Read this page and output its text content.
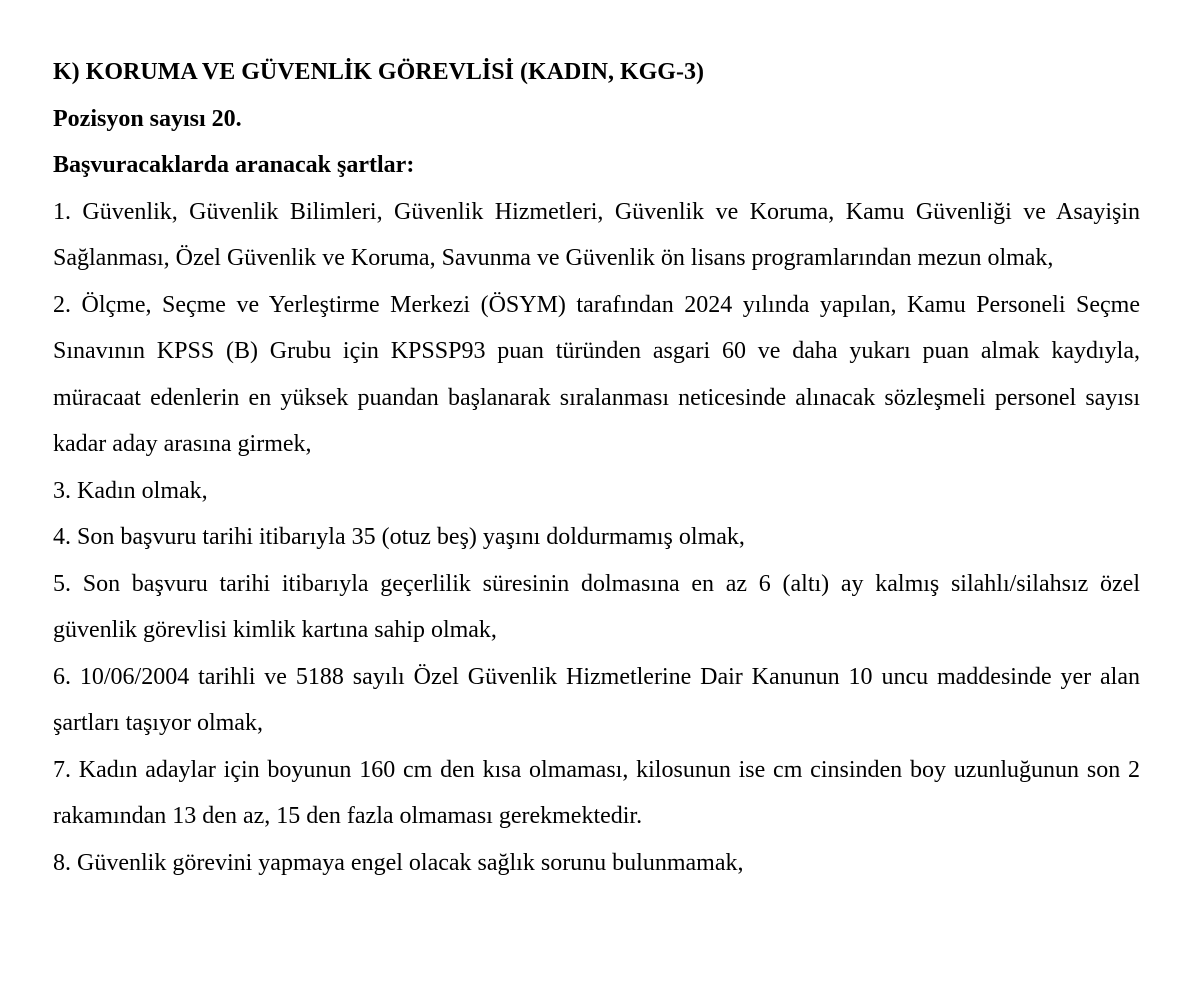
K) KORUMA VE GÜVENLİK GÖREVLİSİ (KADIN, KGG-3)

Pozisyon sayısı 20.

Başvuracaklarda aranacak şartlar:

1. Güvenlik, Güvenlik Bilimleri, Güvenlik Hizmetleri, Güvenlik ve Koruma, Kamu Güvenliği ve Asayişin Sağlanması, Özel Güvenlik ve Koruma, Savunma ve Güvenlik ön lisans programlarından mezun olmak,

2. Ölçme, Seçme ve Yerleştirme Merkezi (ÖSYM) tarafından 2024 yılında yapılan, Kamu Personeli Seçme Sınavının KPSS (B) Grubu için KPSSP93 puan türünden asgari 60 ve daha yukarı puan almak kaydıyla, müracaat edenlerin en yüksek puandan başlanarak sıralanması neticesinde alınacak sözleşmeli personel sayısı kadar aday arasına girmek,

3. Kadın olmak,

4. Son başvuru tarihi itibarıyla 35 (otuz beş) yaşını doldurmamış olmak,

5. Son başvuru tarihi itibarıyla geçerlilik süresinin dolmasına en az 6 (altı) ay kalmış silahlı/silahsız özel güvenlik görevlisi kimlik kartına sahip olmak,

6. 10/06/2004 tarihli ve 5188 sayılı Özel Güvenlik Hizmetlerine Dair Kanunun 10 uncu maddesinde yer alan şartları taşıyor olmak,

7. Kadın adaylar için boyunun 160 cm den kısa olmaması, kilosunun ise cm cinsinden boy uzunluğunun son 2 rakamından 13 den az, 15 den fazla olmaması gerekmektedir.

8. Güvenlik görevini yapmaya engel olacak sağlık sorunu bulunmamak,
